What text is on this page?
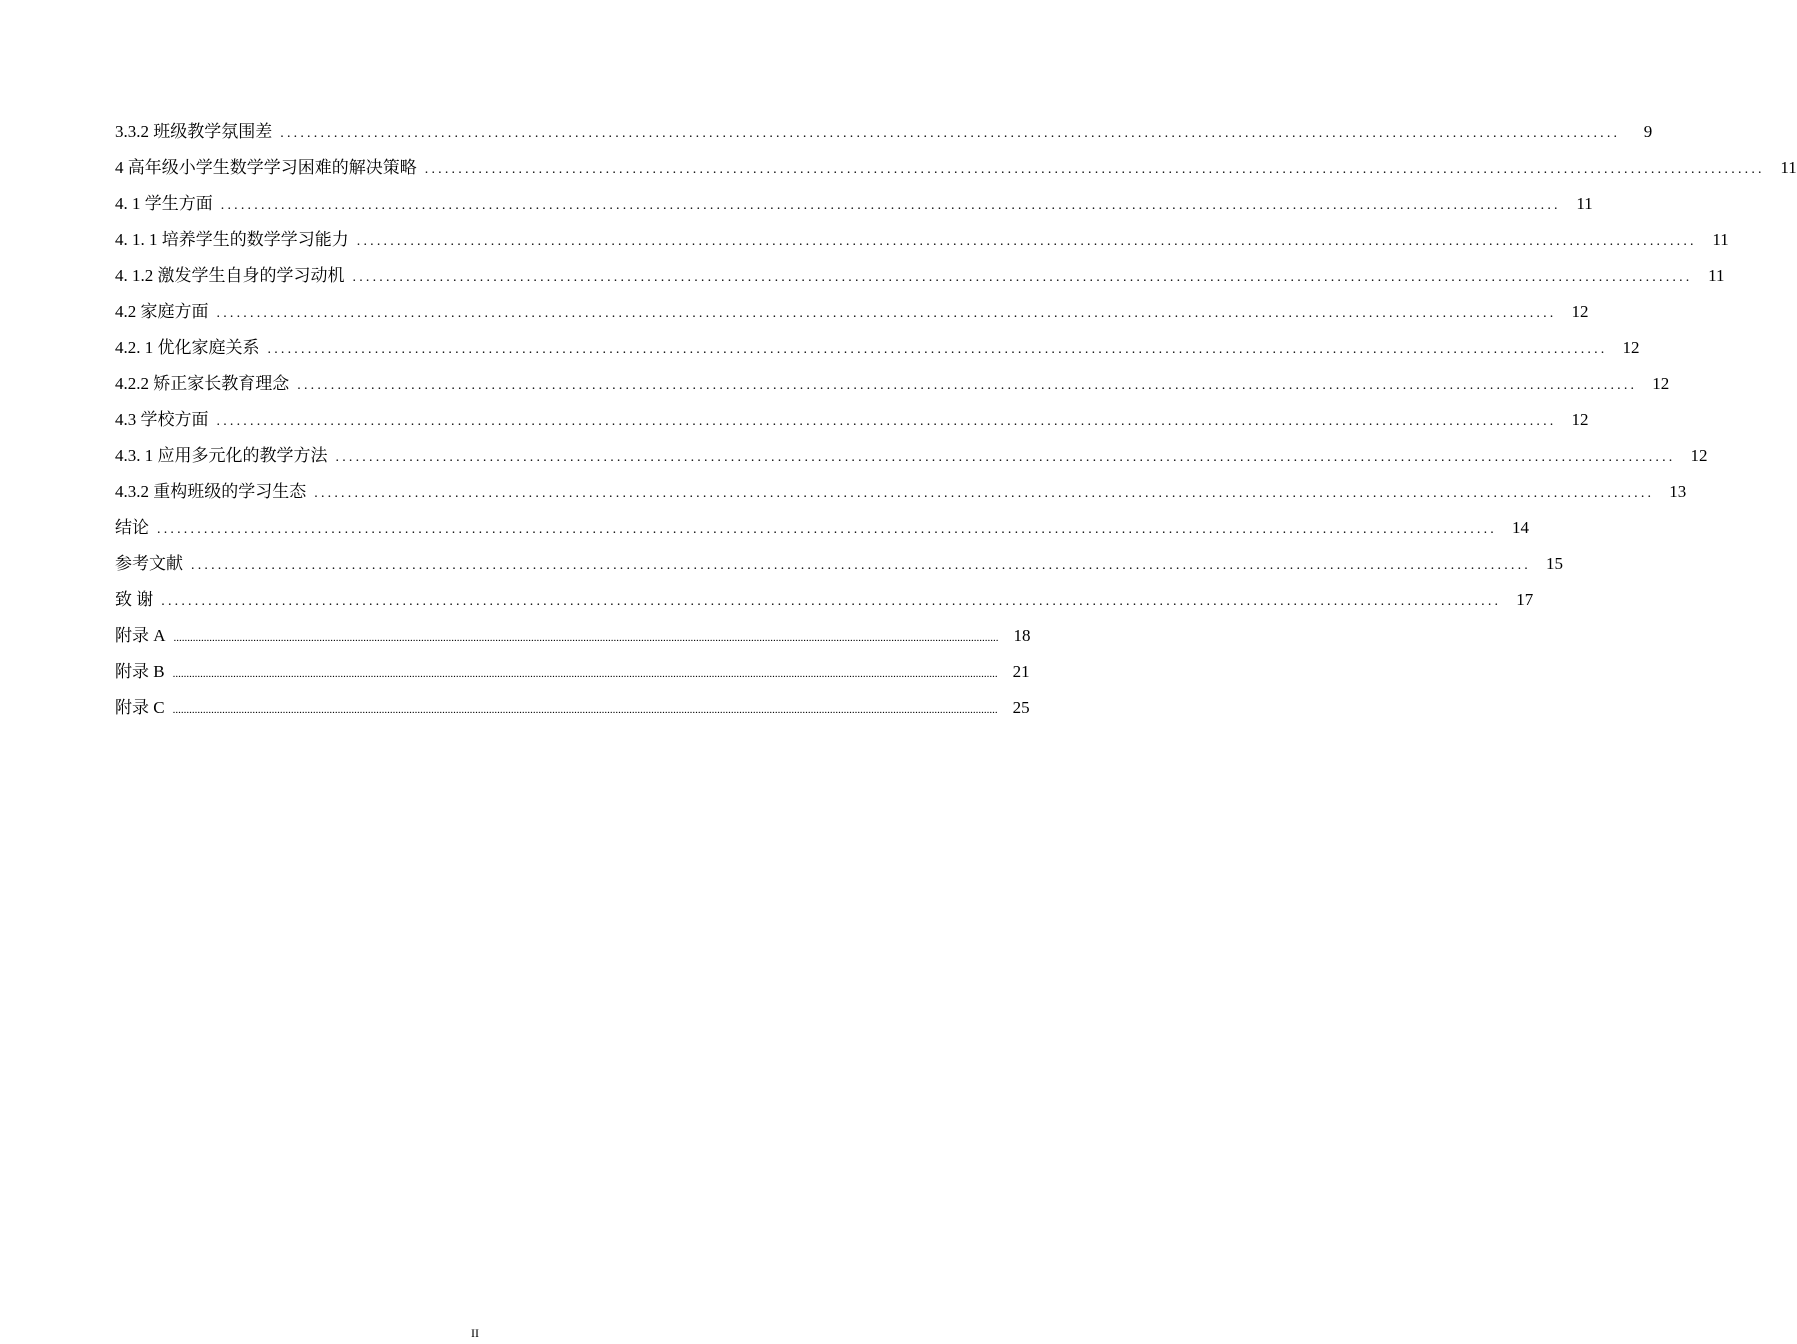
3.3.2 班级教学氛围差 ........................................................................................................................................................................................................	9
4 高年级小学生数学学习困难的解决策略 ........................................................................................................................................................................................................ 11
4. 1 学生方面 ........................................................................................................................................................................................................ 11
4. 1. 1 培养学生的数学学习能力 ........................................................................................................................................................................................................ 11
4. 1.2 激发学生自身的学习动机 ........................................................................................................................................................................................................ 11
4.2 家庭方面 ........................................................................................................................................................................................................ 12
4.2. 1 优化家庭关系 ........................................................................................................................................................................................................ 12
4.2.2 矫正家长教育理念 ........................................................................................................................................................................................................ 12
4.3 学校方面 ........................................................................................................................................................................................................ 12
4.3. 1 应用多元化的教学方法 ........................................................................................................................................................................................................ 12
4.3.2 重构班级的学习生态 ........................................................................................................................................................................................................ 13
结论 ........................................................................................................................................................................................................ 14
参考文献 ........................................................................................................................................................................................................ 15
致 谢 ........................................................................................................................................................................................................ 17
附录 A ............................................................................................................................................................................................................................................................................................................ 18
附录 B ............................................................................................................................................................................................................................................................................................................ 21
附录 C ............................................................................................................................................................................................................................................................................................................ 25
II
